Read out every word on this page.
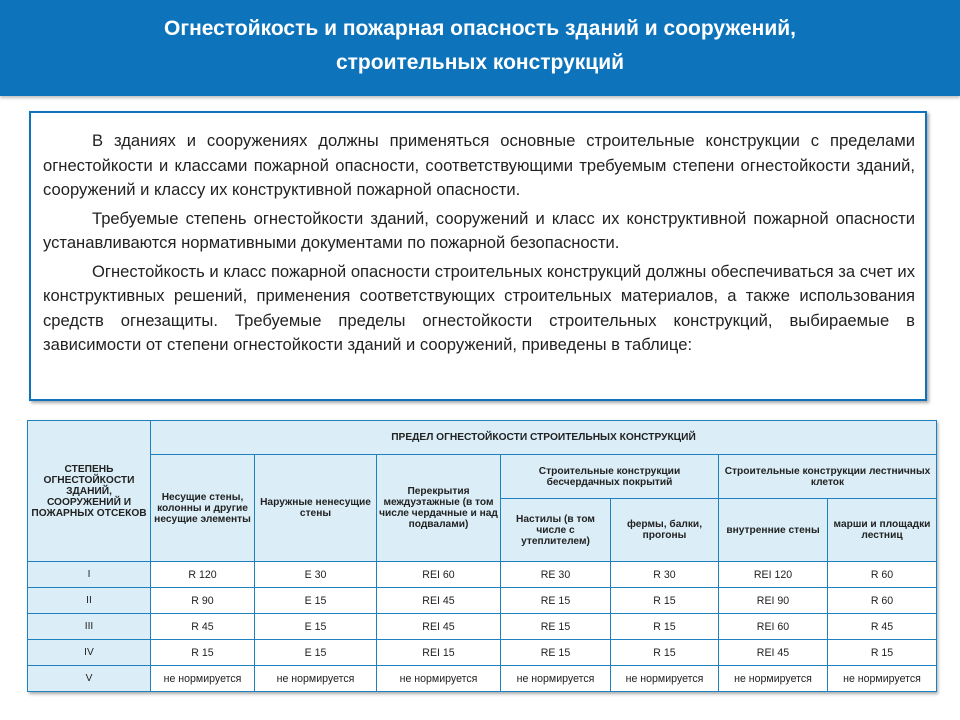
Огнестойкость и пожарная опасность зданий и сооружений,
строительных конструкций

В зданиях и сооружениях должны применяться основные строительные конструкции с пределами огнестойкости и классами пожарной опасности, соответствующими требуемым степени огнестойкости зданий, сооружений и классу их конструктивной пожарной опасности.

Требуемые степень огнестойкости зданий, сооружений и класс их конструктивной пожарной опасности устанавливаются нормативными документами по пожарной безопасности.

Огнестойкость и класс пожарной опасности строительных конструкций должны обеспечиваться за счет их конструктивных решений, применения соответствующих строительных материалов, а также использования средств огнезащиты. Требуемые пределы огнестойкости строительных конструкций, выбираемые в зависимости от степени огнестойкости зданий и сооружений, приведены в таблице:

СТЕПЕНЬ ОГНЕСТОЙКОСТИ ЗДАНИЙ, СООРУЖЕНИЙ И ПОЖАРНЫХ ОТСЕКОВ	ПРЕДЕЛ ОГНЕСТОЙКОСТИ СТРОИТЕЛЬНЫХ КОНСТРУКЦИЙ						
	Несущие стены, колонны и другие несущие элементы	Наружные ненесущие стены	Перекрытия междуэтажные (в том числе чердачные и над подвалами)	Строительные конструкции бесчердачных покрытий		Строительные конструкции лестничных клеток	
				Настилы (в том числе с утеплителем)	фермы, балки, прогоны	внутренние стены	марши и площадки лестниц
I	R 120	E 30	REI 60	RE 30	R 30	REI 120	R 60
II	R 90	E 15	REI 45	RE 15	R 15	REI 90	R 60
III	R 45	E 15	REI 45	RE 15	R 15	REI 60	R 45
IV	R 15	E 15	REI 15	RE 15	R 15	REI 45	R 15
V	не нормируется	не нормируется	не нормируется	не нормируется	не нормируется	не нормируется	не нормируется
